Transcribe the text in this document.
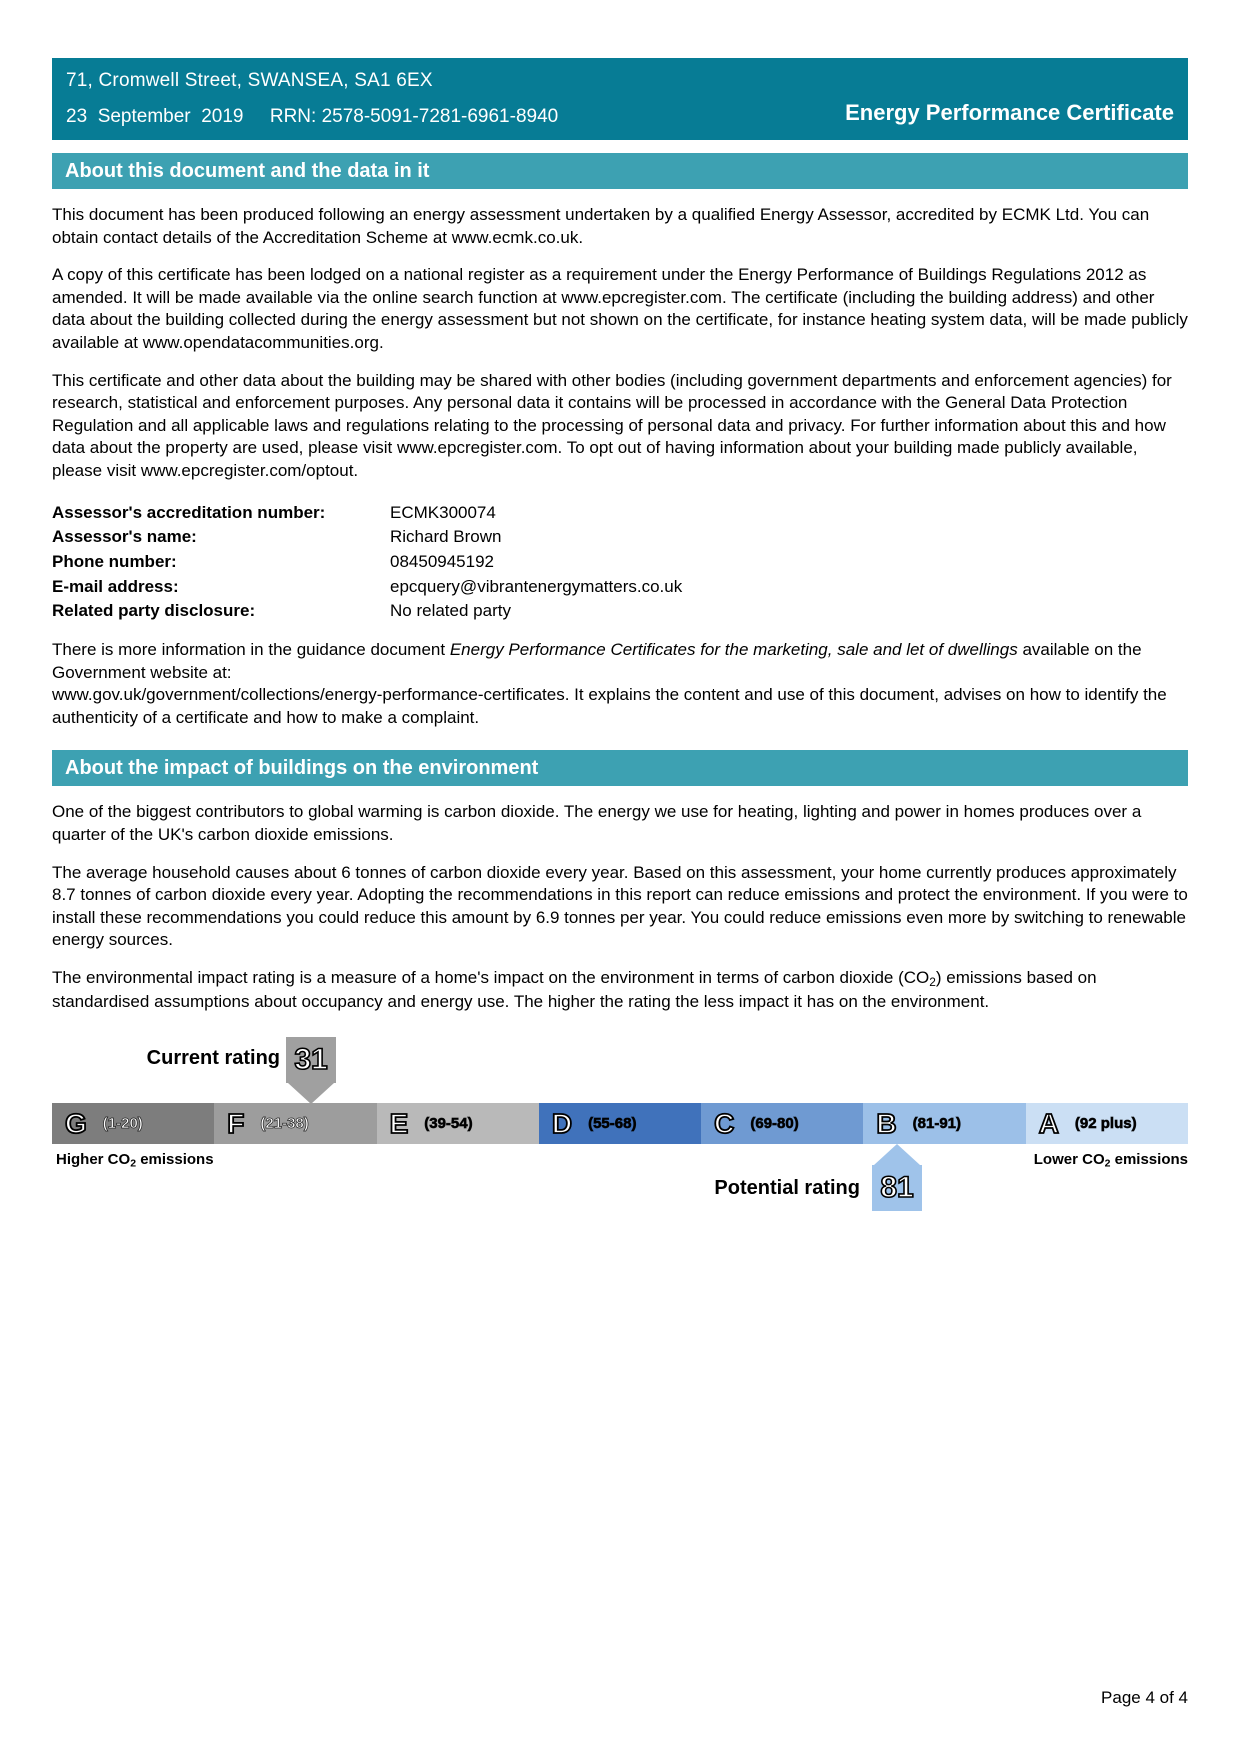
71, Cromwell Street, SWANSEA, SA1 6EX
23  September  2019     RRN: 2578-5091-7281-6961-8940	Energy Performance Certificate
About this document and the data in it

This document has been produced following an energy assessment undertaken by a qualified Energy Assessor, accredited by ECMK Ltd. You can obtain contact details of the Accreditation Scheme at www.ecmk.co.uk.

A copy of this certificate has been lodged on a national register as a requirement under the Energy Performance of Buildings Regulations 2012 as amended. It will be made available via the online search function at www.epcregister.com. The certificate (including the building address) and other data about the building collected during the energy assessment but not shown on the certificate, for instance heating system data, will be made publicly available at www.opendatacommunities.org.

This certificate and other data about the building may be shared with other bodies (including government departments and enforcement agencies) for research, statistical and enforcement purposes. Any personal data it contains will be processed in accordance with the General Data Protection Regulation and all applicable laws and regulations relating to the processing of personal data and privacy. For further information about this and how data about the property are used, please visit www.epcregister.com. To opt out of having information about your building made publicly available, please visit www.epcregister.com/optout.

Assessor's accreditation number:	ECMK300074
Assessor's name:	Richard Brown
Phone number:	08450945192
E-mail address:	epcquery@vibrantenergymatters.co.uk
Related party disclosure:	No related party

There is more information in the guidance document Energy Performance Certificates for the marketing, sale and let of dwellings available on the Government website at:
www.gov.uk/government/collections/energy-performance-certificates. It explains the content and use of this document, advises on how to identify the authenticity of a certificate and how to make a complaint.

About the impact of buildings on the environment

One of the biggest contributors to global warming is carbon dioxide. The energy we use for heating, lighting and power in homes produces over a quarter of the UK's carbon dioxide emissions.

The average household causes about 6 tonnes of carbon dioxide every year. Based on this assessment, your home currently produces approximately 8.7 tonnes of carbon dioxide every year. Adopting the recommendations in this report can reduce emissions and protect the environment. If you were to install these recommendations you could reduce this amount by 6.9 tonnes per year. You could reduce emissions even more by switching to renewable energy sources.

The environmental impact rating is a measure of a home's impact on the environment in terms of carbon dioxide $(CO_2)$ emissions based on standardised assumptions about occupancy and energy use. The higher the rating the less impact it has on the environment.

Current rating 31
G (1-20)	F (21-38)	E (39-54)	D (55-68)	C (69-80)	B (81-91)	A (92 plus)
Higher $CO_2$ emissions	Lower $CO_2$ emissions
81
Potential rating
Page 4 of 4
